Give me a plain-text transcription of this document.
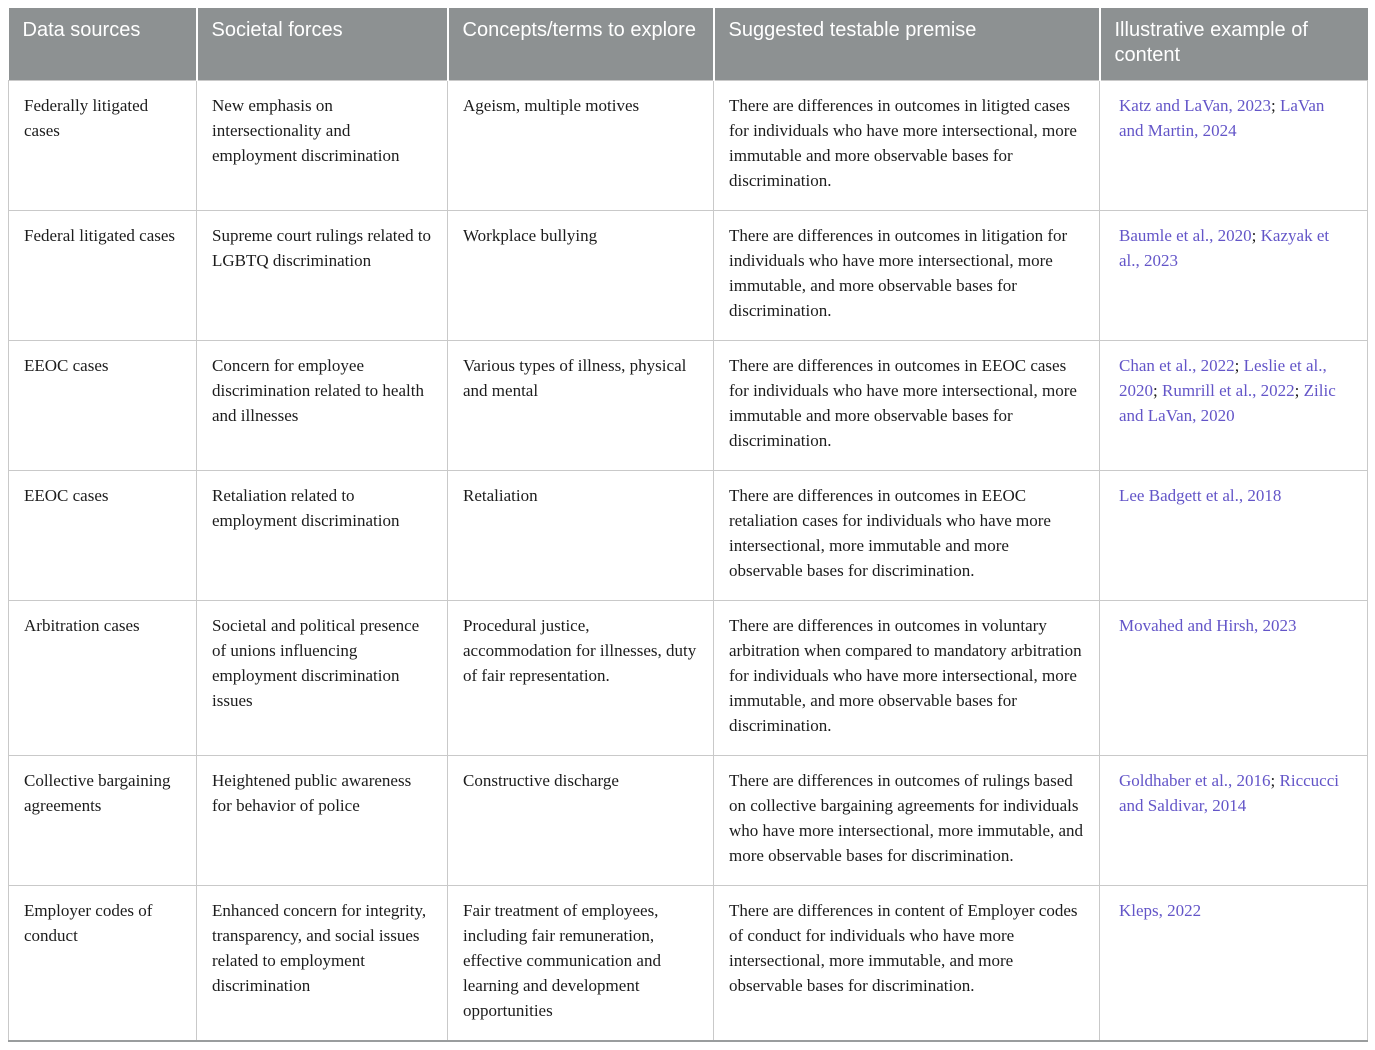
Data sources	Societal forces	Concepts/terms to explore	Suggested testable premise	Illustrative example of content
Federally litigated cases	New emphasis on intersectionality and employment discrimination	Ageism, multiple motives	There are differences in outcomes in litigted cases for individuals who have more intersectional, more immutable and more observable bases for discrimination.	Katz and LaVan, 2023; LaVan and Martin, 2024
Federal litigated cases	Supreme court rulings related to LGBTQ discrimination	Workplace bullying	There are differences in outcomes in litigation for individuals who have more intersectional, more immutable, and more observable bases for discrimination.	Baumle et al., 2020; Kazyak et al., 2023
EEOC cases	Concern for employee discrimination related to health and illnesses	Various types of illness, physical and mental	There are differences in outcomes in EEOC cases for individuals who have more intersectional, more immutable and more observable bases for discrimination.	Chan et al., 2022; Leslie et al., 2020; Rumrill et al., 2022; Zilic and LaVan, 2020
EEOC cases	Retaliation related to employment discrimination	Retaliation	There are differences in outcomes in EEOC retaliation cases for individuals who have more intersectional, more immutable and more observable bases for discrimination.	Lee Badgett et al., 2018
Arbitration cases	Societal and political presence of unions influencing employment discrimination issues	Procedural justice, accommodation for illnesses, duty of fair representation.	There are differences in outcomes in voluntary arbitration when compared to mandatory arbitration for individuals who have more intersectional, more immutable, and more observable bases for discrimination.	Movahed and Hirsh, 2023
Collective bargaining agreements	Heightened public awareness for behavior of police	Constructive discharge	There are differences in outcomes of rulings based on collective bargaining agreements for individuals who have more intersectional, more immutable, and more observable bases for discrimination.	Goldhaber et al., 2016; Riccucci and Saldivar, 2014
Employer codes of conduct	Enhanced concern for integrity, transparency, and social issues related to employment discrimination	Fair treatment of employees, including fair remuneration, effective communication and learning and development opportunities	There are differences in content of Employer codes of conduct for individuals who have more intersectional, more immutable, and more observable bases for discrimination.	Kleps, 2022
